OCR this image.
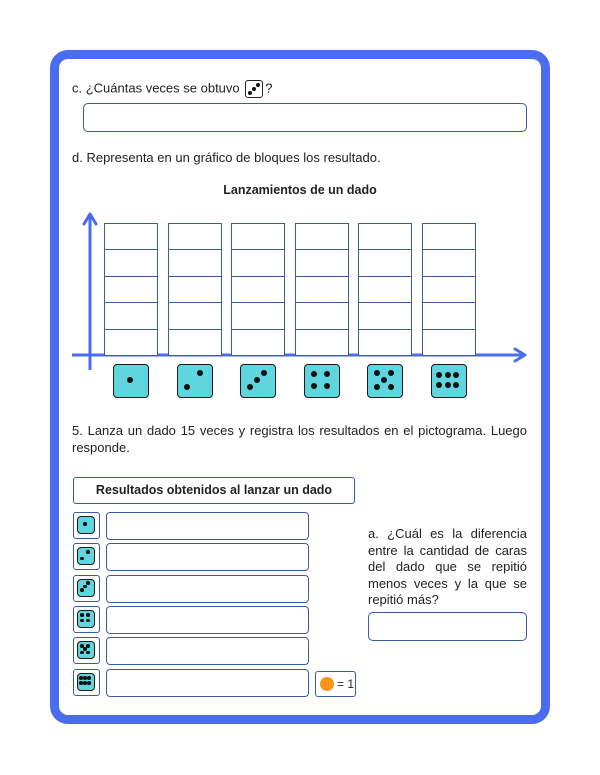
c. ¿Cuántas veces se obtuvo ?
d. Representa en un gráfico de bloques los resultado.
Lanzamientos de un dado
5. Lanza un dado 15 veces y registra los resultados en el pictograma. Luego responde.
Resultados obtenidos al lanzar un dado
= 1
a. ¿Cuál es la diferencia entre la cantidad de caras del dado que se repitió menos veces y la que se repitió más?
